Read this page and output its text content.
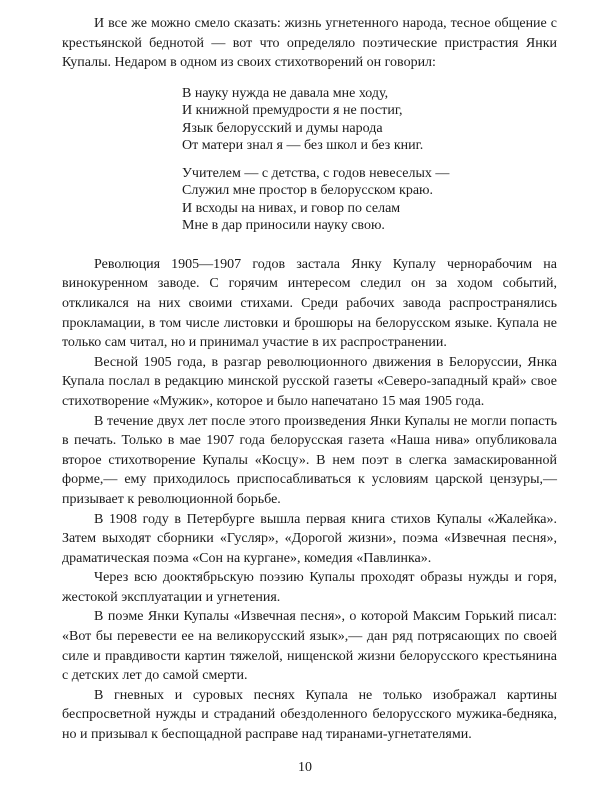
И все же можно смело сказать: жизнь угнетенного народа, тесное общение с крестьянской беднотой — вот что определяло поэтические пристрастия Янки Купалы. Недаром в одном из своих стихотворений он говорил:

В науку нужда не давала мне ходу,
И книжной премудрости я не постиг,
Язык белорусский и думы народа
От матери знал я — без школ и без книг.
Учителем — с детства, с годов невеселых —
Служил мне простор в белорусском краю.
И всходы на нивах, и говор по селам
Мне в дар приносили науку свою.

Революция 1905—1907 годов застала Янку Купалу чернорабочим на винокуренном заводе. С горячим интересом следил он за ходом событий, откликался на них своими стихами. Среди рабочих завода распространялись прокламации, в том числе листовки и брошюры на белорусском языке. Купала не только сам читал, но и принимал участие в их распространении.

Весной 1905 года, в разгар революционного движения в Белоруссии, Янка Купала послал в редакцию минской русской газеты «Северо-западный край» свое стихотворение «Мужик», которое и было напечатано 15 мая 1905 года.

В течение двух лет после этого произведения Янки Купалы не могли попасть в печать. Только в мае 1907 года белорусская газета «Наша нива» опубликовала второе стихотворение Купалы «Косцу». В нем поэт в слегка замаскированной форме,— ему приходилось приспосабливаться к условиям царской цензуры,— призывает к революционной борьбе.

В 1908 году в Петербурге вышла первая книга стихов Купалы «Жалейка». Затем выходят сборники «Гусляр», «Дорогой жизни», поэма «Извечная песня», драматическая поэма «Сон на кургане», комедия «Павлинка».

Через всю дооктябрьскую поэзию Купалы проходят образы нужды и горя, жестокой эксплуатации и угнетения.

В поэме Янки Купалы «Извечная песня», о которой Максим Горький писал: «Вот бы перевести ее на великорусский язык»,— дан ряд потрясающих по своей силе и правдивости картин тяжелой, нищенской жизни белорусского крестьянина с детских лет до самой смерти.

В гневных и суровых песнях Купала не только изображал картины беспросветной нужды и страданий обездоленного белорусского мужика-бедняка, но и призывал к беспощадной расправе над тиранами-угнетателями.

10
